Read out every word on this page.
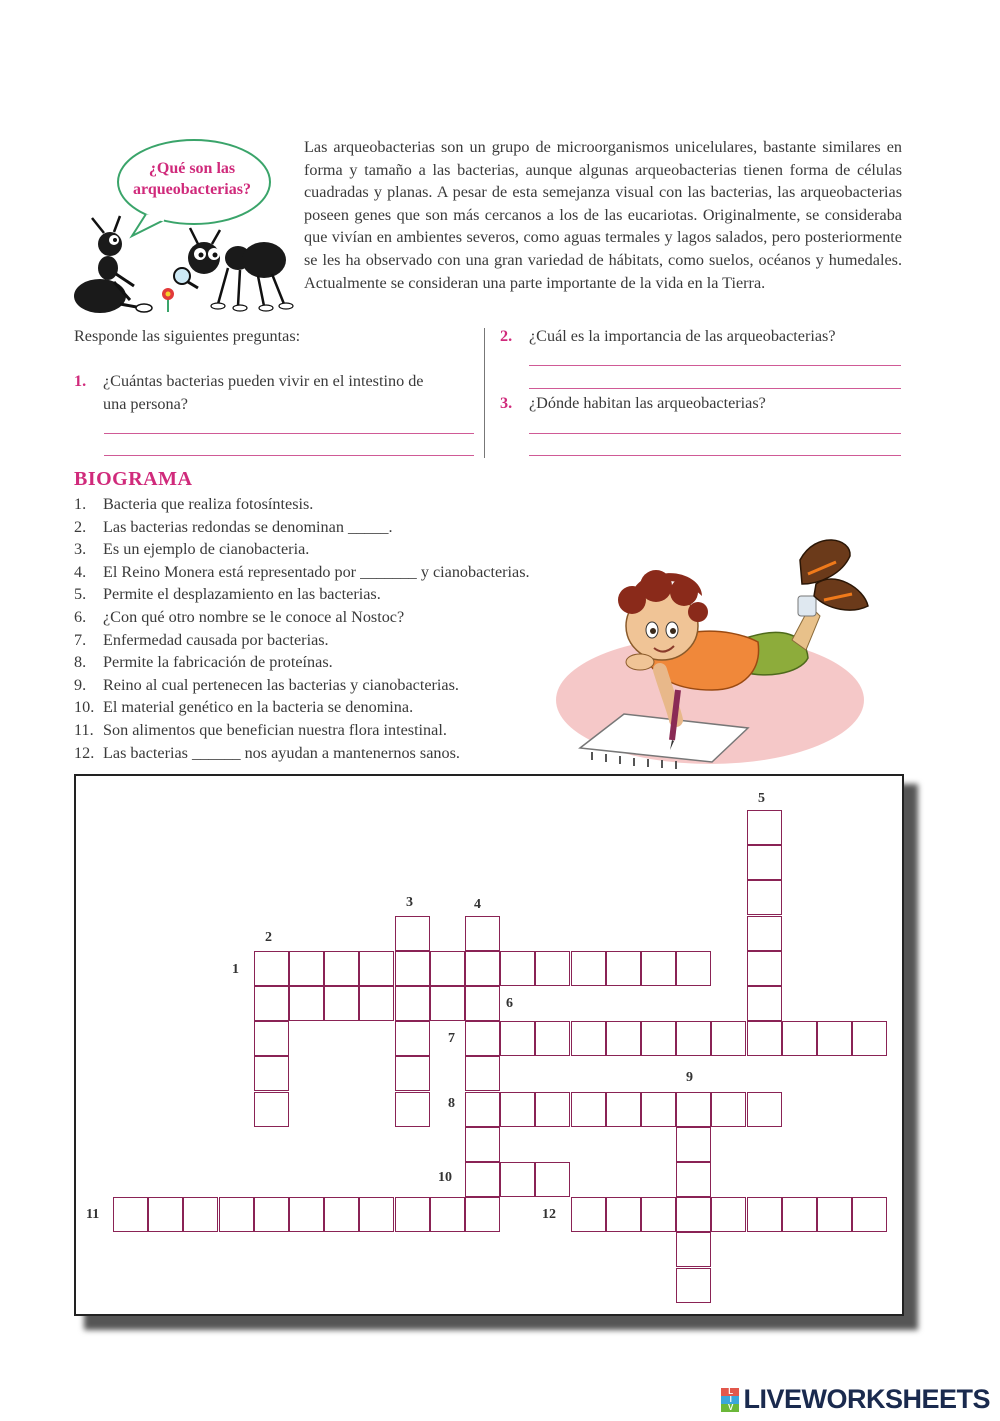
¿Qué son las
arqueobacterias?

Las arqueobacterias son un grupo de microorganismos unicelulares, bastante similares en forma y tamaño a las bacterias, aunque algunas arqueobacterias tienen forma de células cuadradas y planas. A pesar de esta semejanza visual con las bacterias, las arqueobacterias poseen genes que son más cercanos a los de las eucariotas. Originalmente, se consideraba que vivían en ambientes severos, como aguas termales y lagos salados, pero posteriormente se les ha observado con una gran variedad de hábitats, como suelos, océanos y humedales. Actualmente se consideran una parte importante de la vida en la Tierra.

Responde las siguientes preguntas:
1.	¿Cuántas bacterias pueden vivir en el intestino de
una persona?
2.	¿Cuál es la importancia de las arqueobacterias?
3.	¿Dónde habitan las arqueobacterias?
BIOGRAMA
1.	Bacteria que realiza fotosíntesis.
2.	Las bacterias redondas se denominan _____.
3.	Es un ejemplo de cianobacteria.
4.	El Reino Monera está representado por _______ y cianobacterias.
5.	Permite el desplazamiento en las bacterias.
6.	¿Con qué otro nombre se le conoce al Nostoc?
7.	Enfermedad causada por bacterias.
8.	Permite la fabricación de proteínas.
9.	Reino al cual pertenecen las bacterias y cianobacterias.
10. El material genético en la bacteria se denomina.
11. Son alimentos que benefician nuestra flora intestinal.
12. Las bacterias ______ nos ayudan a mantenernos sanos.
1
2
3	4
5
6
7
8
9
10
11	12
L
I
V LIVEWORKSHEETS
